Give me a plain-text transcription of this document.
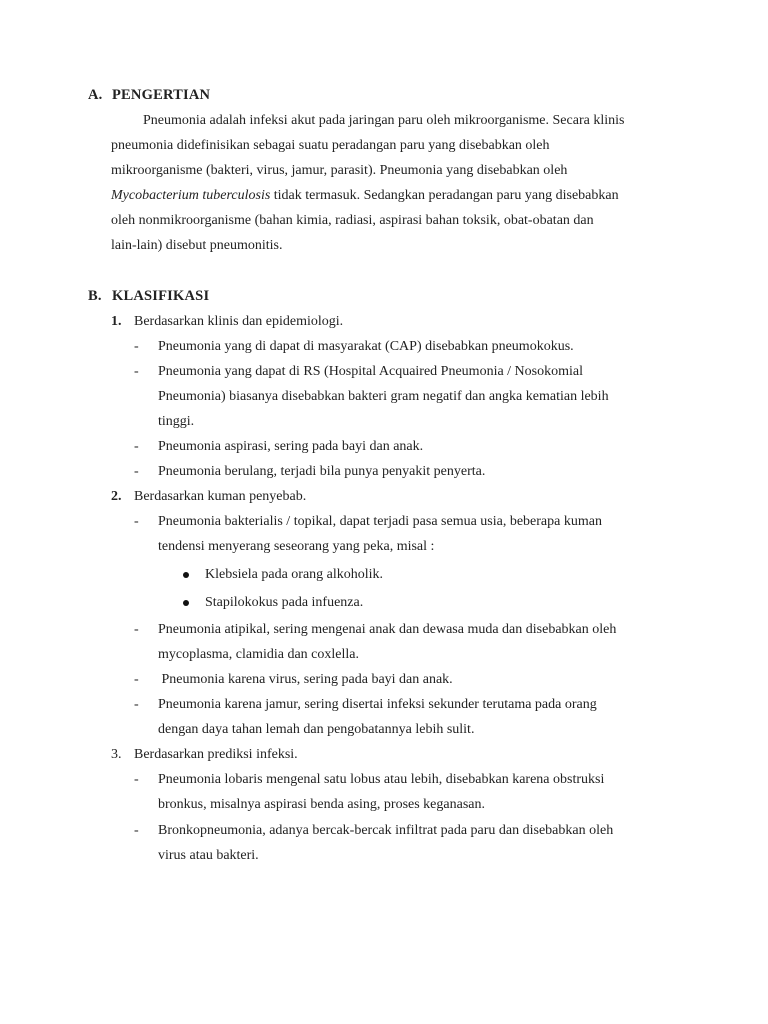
A. PENGERTIAN
Pneumonia adalah infeksi akut pada jaringan paru oleh mikroorganisme. Secara klinis
pneumonia didefinisikan sebagai suatu peradangan paru yang disebabkan oleh
mikroorganisme (bakteri, virus, jamur, parasit). Pneumonia yang disebabkan oleh
Mycobacterium tuberculosis tidak termasuk. Sedangkan peradangan paru yang disebabkan
oleh nonmikroorganisme (bahan kimia, radiasi, aspirasi bahan toksik, obat-obatan dan
lain-lain) disebut pneumonitis.
B. KLASIFIKASI
1. Berdasarkan klinis dan epidemiologi.
- Pneumonia yang di dapat di masyarakat (CAP) disebabkan pneumokokus.
- Pneumonia yang dapat di RS (Hospital Acquaired Pneumonia / Nosokomial
Pneumonia) biasanya disebabkan bakteri gram negatif dan angka kematian lebih
tinggi.
- Pneumonia aspirasi, sering pada bayi dan anak.
- Pneumonia berulang, terjadi bila punya penyakit penyerta.
2. Berdasarkan kuman penyebab.
- Pneumonia bakterialis / topikal, dapat terjadi pasa semua usia, beberapa kuman
tendensi menyerang seseorang yang peka, misal :
Klebsiela pada orang alkoholik.
Stapilokokus pada infuenza.
- Pneumonia atipikal, sering mengenai anak dan dewasa muda dan disebabkan oleh
mycoplasma, clamidia dan coxlella.
- Pneumonia karena virus, sering pada bayi dan anak.
- Pneumonia karena jamur, sering disertai infeksi sekunder terutama pada orang
dengan daya tahan lemah dan pengobatannya lebih sulit.
3. Berdasarkan prediksi infeksi.
- Pneumonia lobaris mengenal satu lobus atau lebih, disebabkan karena obstruksi
bronkus, misalnya aspirasi benda asing, proses keganasan.
- Bronkopneumonia, adanya bercak-bercak infiltrat pada paru dan disebabkan oleh
virus atau bakteri.
